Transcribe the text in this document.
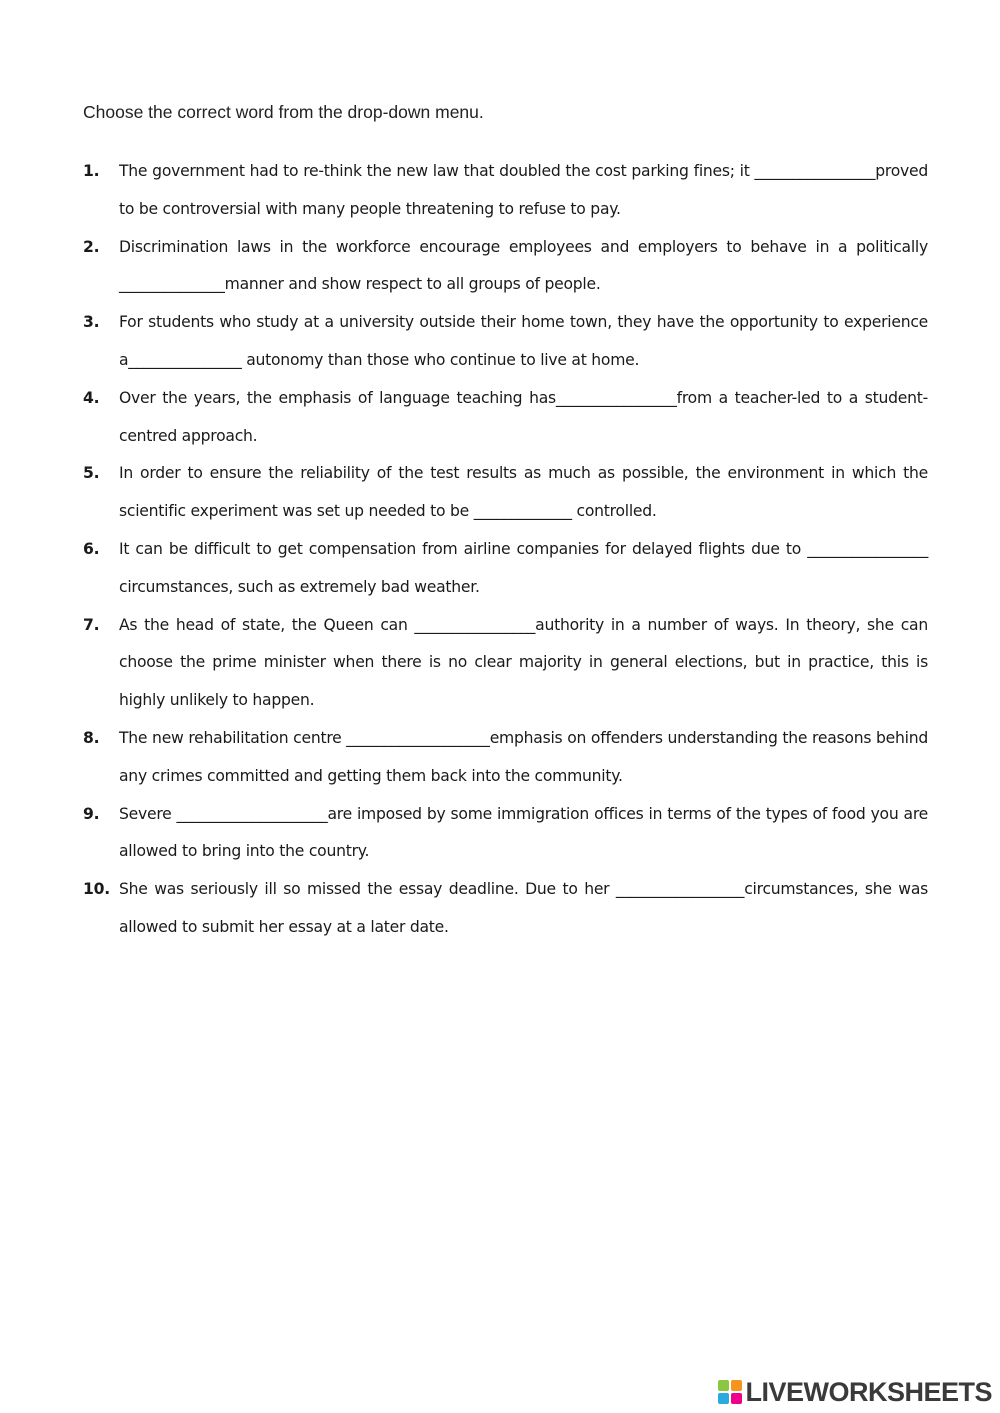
Choose the correct word from the drop-down menu.
1. The government had to re-think the new law that doubled the cost parking fines; it ________________proved to be controversial with many people threatening to refuse to pay.
2. Discrimination laws in the workforce encourage employees and employers to behave in a politically ______________manner and show respect to all groups of people.
3. For students who study at a university outside their home town, they have the opportunity to experience a_______________ autonomy than those who continue to live at home.
4. Over the years, the emphasis of language teaching has________________from a teacher-led to a student-centred approach.
5. In order to ensure the reliability of the test results as much as possible, the environment in which the scientific experiment was set up needed to be _____________ controlled.
6. It can be difficult to get compensation from airline companies for delayed flights due to ________________ circumstances, such as extremely bad weather.
7. As the head of state, the Queen can ________________authority in a number of ways. In theory, she can choose the prime minister when there is no clear majority in general elections, but in practice, this is highly unlikely to happen.
8. The new rehabilitation centre ___________________emphasis on offenders understanding the reasons behind any crimes committed and getting them back into the community.
9. Severe ____________________are imposed by some immigration offices in terms of the types of food you are allowed to bring into the country.
10. She was seriously ill so missed the essay deadline. Due to her _________________circumstances, she was allowed to submit her essay at a later date.
LIVEWORKSHEETS
